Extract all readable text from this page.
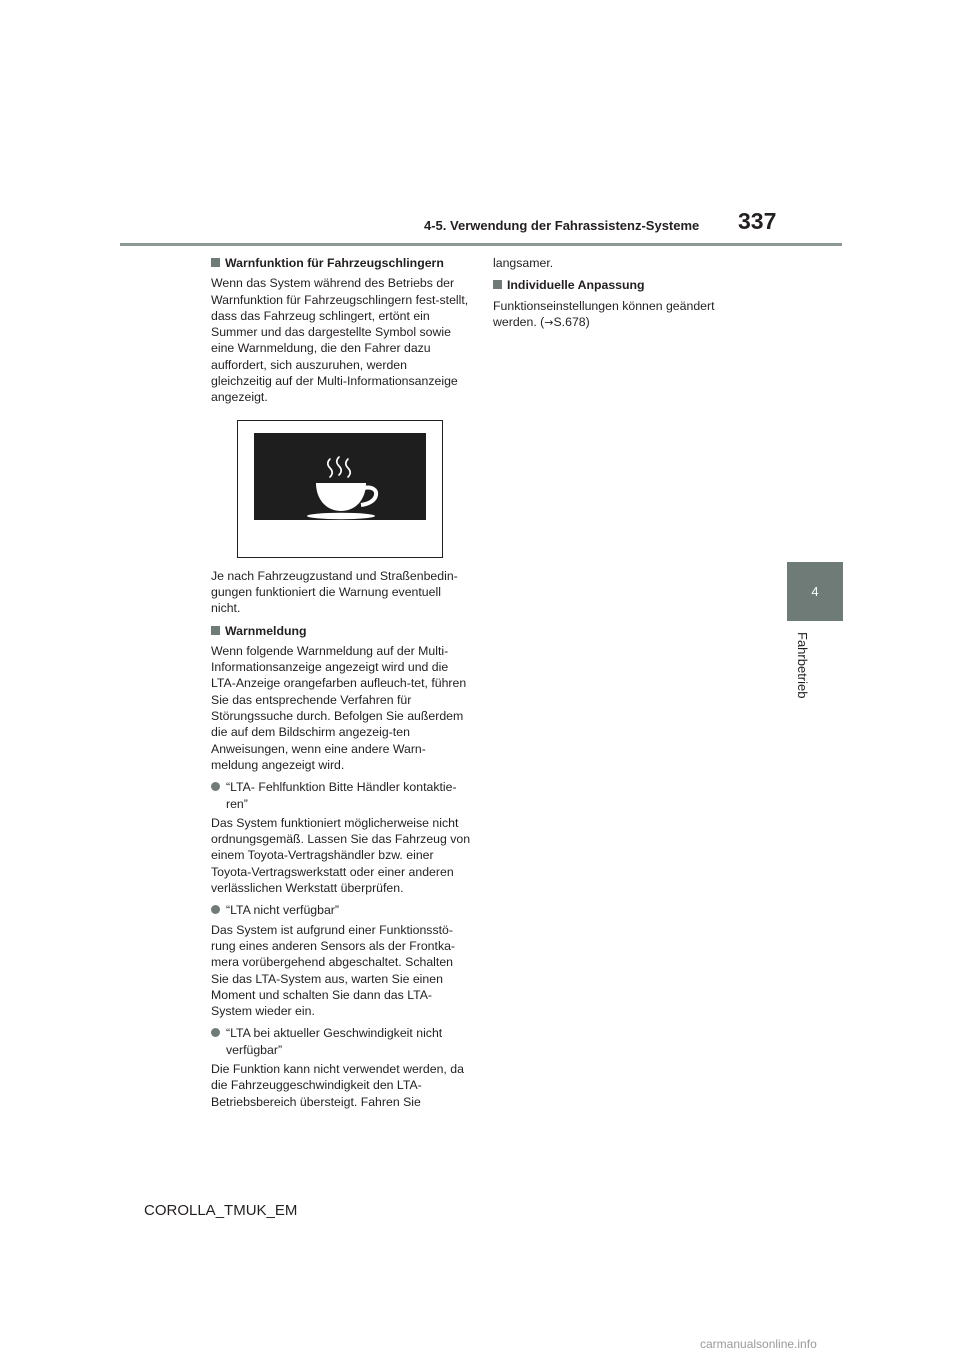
4-5. Verwendung der Fahrassistenz-Systeme 337
4
Fahrbetrieb
Warnfunktion für Fahrzeugschlingern

Wenn das System während des Betriebs der Warnfunktion für Fahrzeugschlingern fest-stellt, dass das Fahrzeug schlingert, ertönt ein Summer und das dargestellte Symbol sowie eine Warnmeldung, die den Fahrer dazu auffordert, sich auszuruhen, werden gleichzeitig auf der Multi-Informationsanzeige angezeigt.

Je nach Fahrzeugzustand und Straßenbedin-gungen funktioniert die Warnung eventuell nicht.

Warnmeldung

Wenn folgende Warnmeldung auf der Multi-Informationsanzeige angezeigt wird und die LTA-Anzeige orangefarben aufleuch-tet, führen Sie das entsprechende Verfahren für Störungssuche durch. Befolgen Sie außerdem die auf dem Bildschirm angezeig-ten Anweisungen, wenn eine andere Warn-meldung angezeigt wird.

“LTA- Fehlfunktion Bitte Händler kontaktie-ren”

Das System funktioniert möglicherweise nicht ordnungsgemäß. Lassen Sie das Fahrzeug von einem Toyota-Vertragshändler bzw. einer Toyota-Vertragswerkstatt oder einer anderen verlässlichen Werkstatt überprüfen.

“LTA nicht verfügbar”

Das System ist aufgrund einer Funktionsstö-rung eines anderen Sensors als der Frontka-mera vorübergehend abgeschaltet. Schalten Sie das LTA-System aus, warten Sie einen Moment und schalten Sie dann das LTA-System wieder ein.

“LTA bei aktueller Geschwindigkeit nicht verfügbar”

Die Funktion kann nicht verwendet werden, da die Fahrzeuggeschwindigkeit den LTA-Betriebsbereich übersteigt. Fahren Sie

langsamer.

Individuelle Anpassung

Funktionseinstellungen können geändert werden. (→S.678)

COROLLA_TMUK_EM
carmanualsonline.info
